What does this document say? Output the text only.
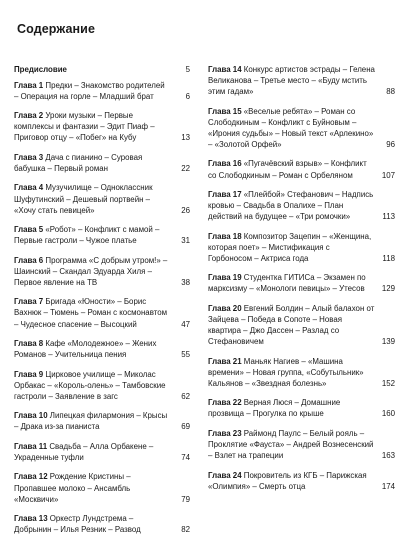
Содержание
Предисловие	5
Глава 1 Предки – Знакомство родителей – Операция на горле – Младший брат	6
Глава 2 Уроки музыки – Первые комплексы и фантазии – Эдит Пиаф – Приговор отцу – «Побег» на Кубу	13
Глава 3 Дача с пианино – Суровая бабушка – Первый роман	22
Глава 4 Музучилище – Одноклассник Шуфутинский – Дешевый портвейн – «Хочу стать певицей»	26
Глава 5 «Робот» – Конфликт с мамой – Первые гастроли – Чужое платье	31
Глава 6 Программа «С добрым утром!» – Шаинский – Скандал Эдуарда Хиля – Первое явление на ТВ	38
Глава 7 Бригада «Юности» – Борис Вахнюк – Тюмень – Роман с космонавтом – Чудесное спасение – Высоцкий	47
Глава 8 Кафе «Молодежное» – Жених Романов – Учительница пения	55
Глава 9 Цирковое училище – Миколас Орбакас – «Король-олень» – Тамбовские гастроли – Заявление в загс	62
Глава 10 Липецкая филармония – Крысы – Драка из-за пианиста	69
Глава 11 Свадьба – Алла Орбакене – Украденные туфли	74
Глава 12 Рождение Кристины – Пропавшее молоко – Ансамбль «Москвичи»	79
Глава 13 Оркестр Лундстрема – Добрынин – Илья Резник – Развод	82
Глава 14 Конкурс артистов эстрады – Гелена Великанова – Третье место – «Буду мстить этим гадам»	88
Глава 15 «Веселые ребята» – Роман со Слободкиным – Конфликт с Буйновым – «Ирония судьбы» – Новый текст «Арлекино» – «Золотой Орфей»	96
Глава 16 «Пугачёвский взрыв» – Конфликт со Слободкиным – Роман с Орбеляном	107
Глава 17 «Плейбой» Стефанович – Надпись кровью – Свадьба в Опалихе – План действий на будущее – «Три ромочки»	113
Глава 18 Композитор Зацепин – «Женщина, которая поет» – Мистификация с Горбоносом – Актриса года	118
Глава 19 Студентка ГИТИСа – Экзамен по марксизму – «Монологи певицы» – Утесов	129
Глава 20 Евгений Болдин – Алый балахон от Зайцева – Победа в Сопоте – Новая квартира – Джо Дассен – Разлад со Стефановичем	139
Глава 21 Маньяк Нагиев – «Машина времени» – Новая группа, «Собутыльник» Кальянов – «Звездная болезнь»	152
Глава 22 Верная Люся – Домашние прозвища – Прогулка по крыше	160
Глава 23 Раймонд Паулс – Белый рояль – Проклятие «Фауста» – Андрей Вознесенский – Взлет на трапеции	163
Глава 24 Покровитель из КГБ – Парижская «Олимпия» – Смерть отца	174
